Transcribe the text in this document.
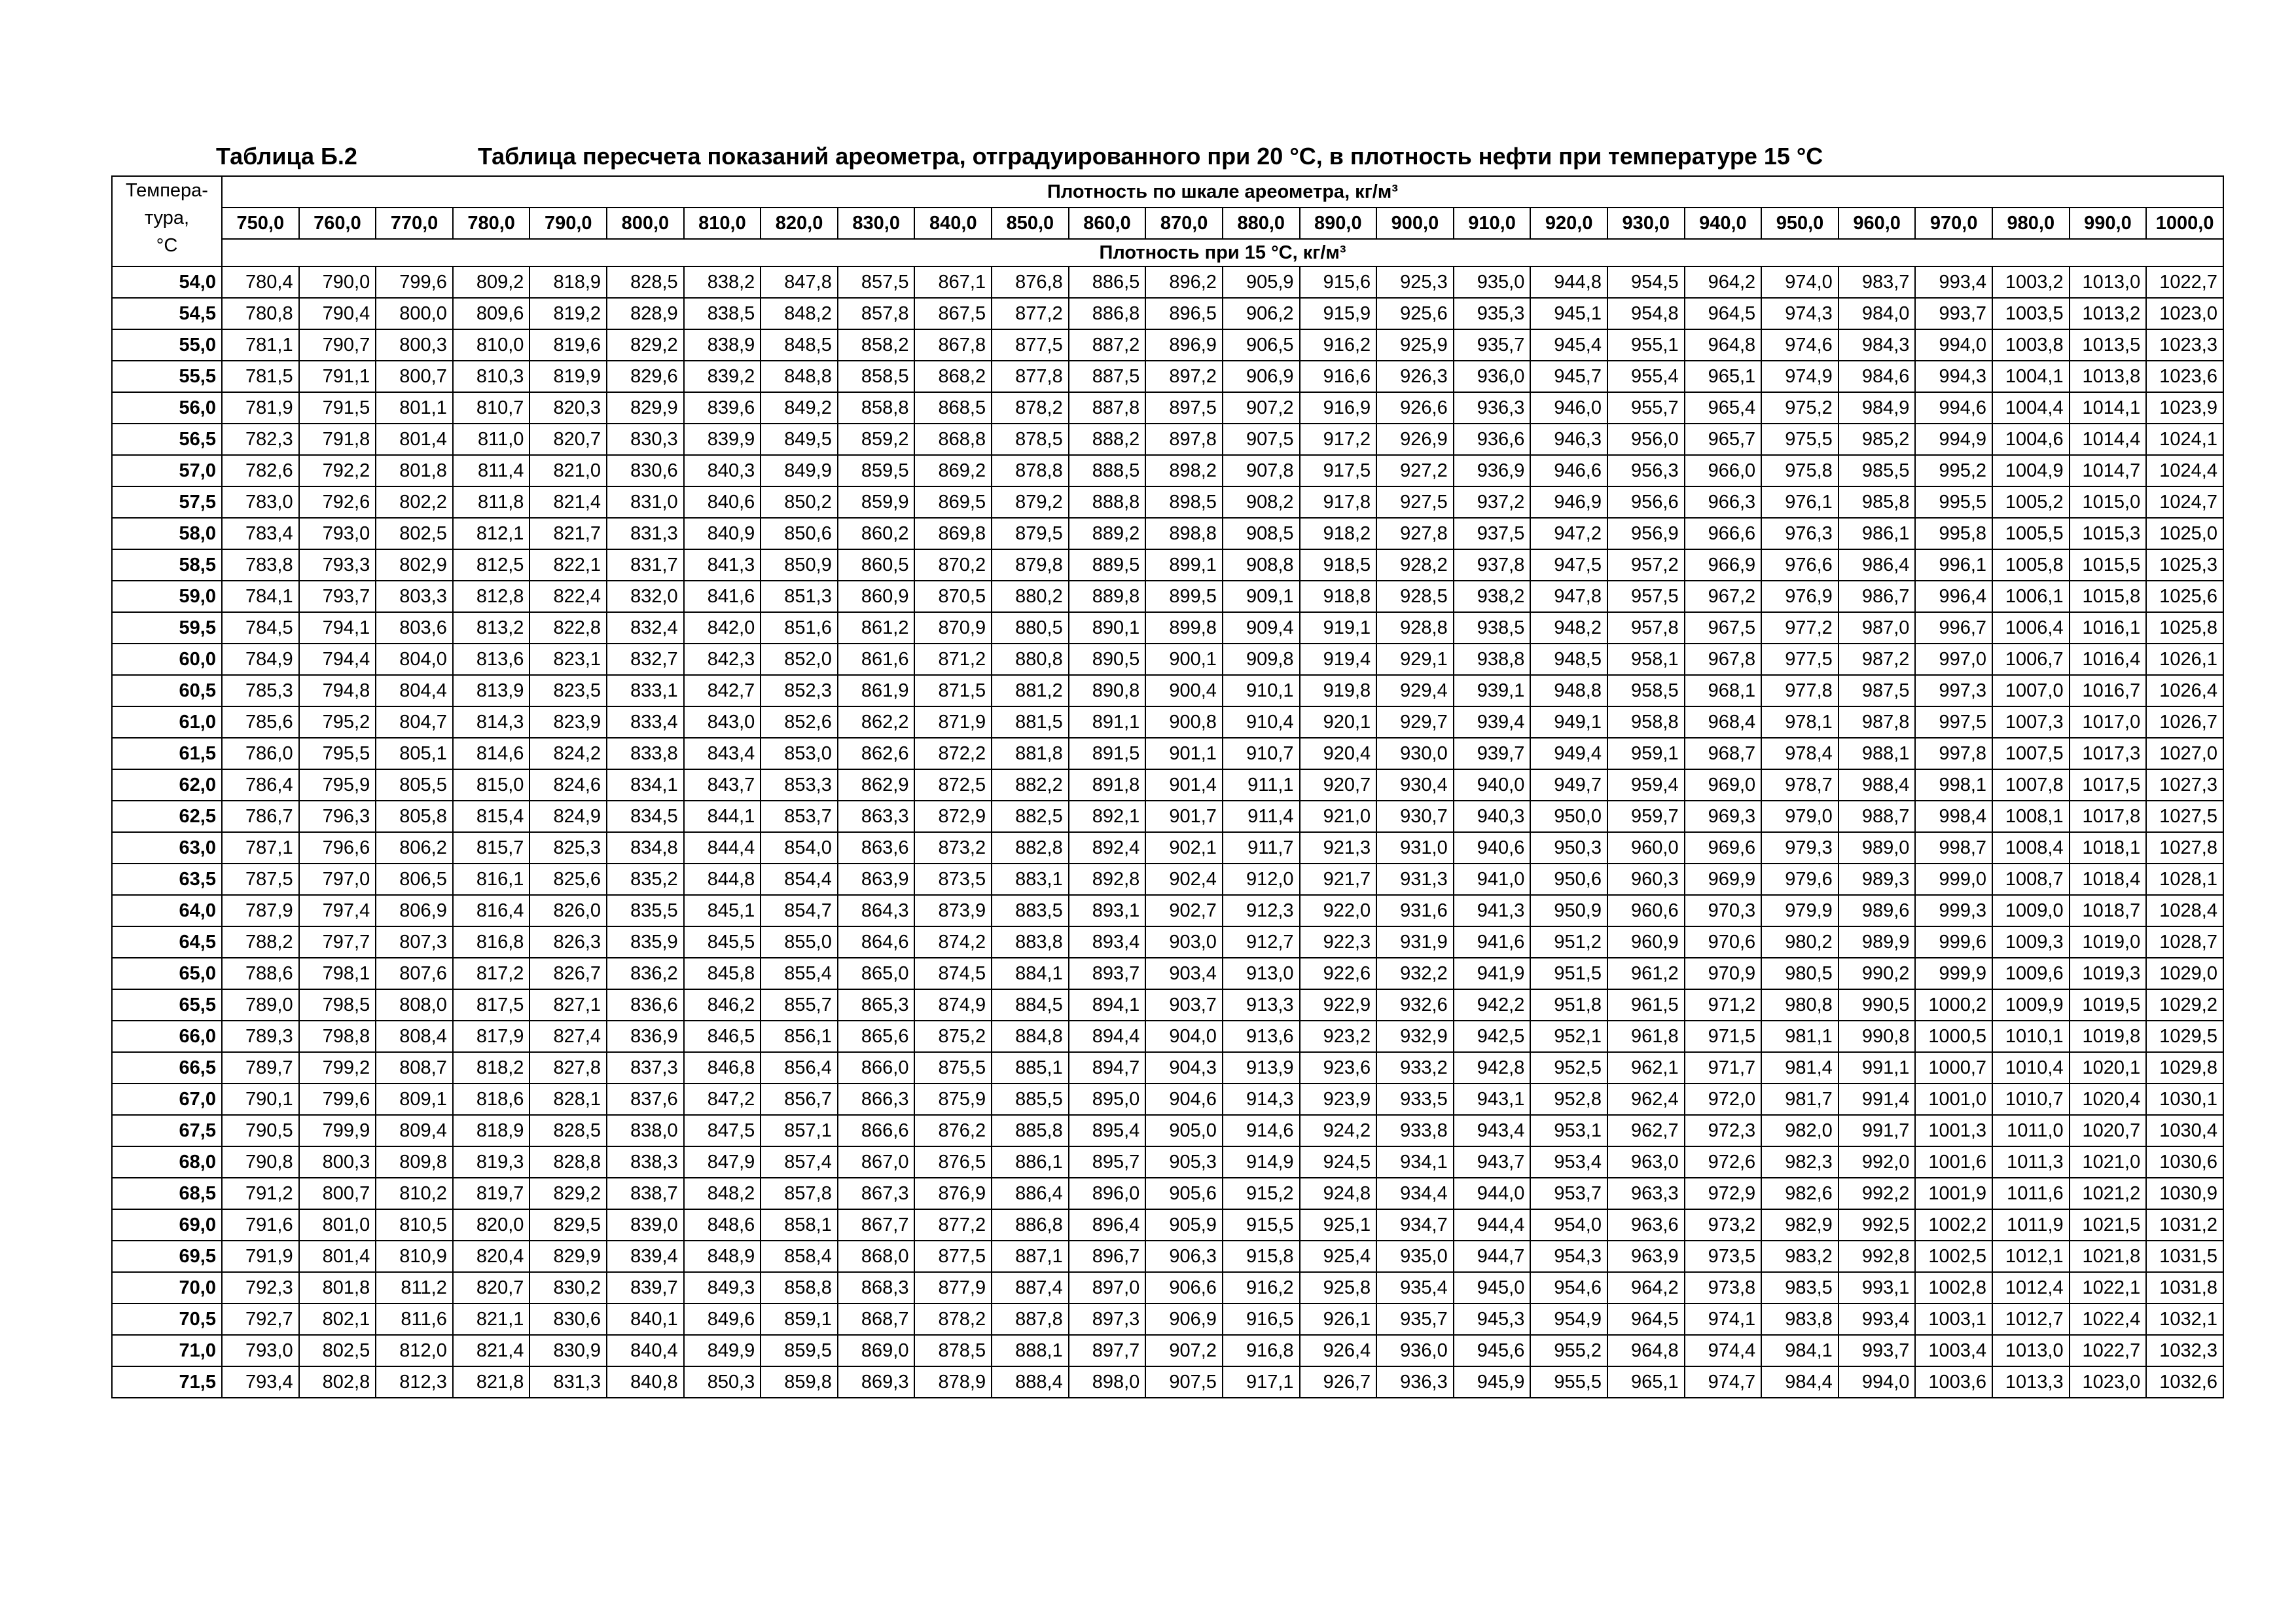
Таблица Б.2	Таблица пересчета показаний ареометра, отградуированного при 20 °С, в плотность нефти при температуре 15 °С
Темпера-
тура,
°С	Плотность по шкале ареометра, кг/м³																									
	750,0	760,0	770,0	780,0	790,0	800,0	810,0	820,0	830,0	840,0	850,0	860,0	870,0	880,0	890,0	900,0	910,0	920,0	930,0	940,0	950,0	960,0	970,0	980,0	990,0	1000,0
	Плотность при 15 °С, кг/м³																									
54,0	780,4	790,0	799,6	809,2	818,9	828,5	838,2	847,8	857,5	867,1	876,8	886,5	896,2	905,9	915,6	925,3	935,0	944,8	954,5	964,2	974,0	983,7	993,4	1003,2	1013,0	1022,7
54,5	780,8	790,4	800,0	809,6	819,2	828,9	838,5	848,2	857,8	867,5	877,2	886,8	896,5	906,2	915,9	925,6	935,3	945,1	954,8	964,5	974,3	984,0	993,7	1003,5	1013,2	1023,0
55,0	781,1	790,7	800,3	810,0	819,6	829,2	838,9	848,5	858,2	867,8	877,5	887,2	896,9	906,5	916,2	925,9	935,7	945,4	955,1	964,8	974,6	984,3	994,0	1003,8	1013,5	1023,3
55,5	781,5	791,1	800,7	810,3	819,9	829,6	839,2	848,8	858,5	868,2	877,8	887,5	897,2	906,9	916,6	926,3	936,0	945,7	955,4	965,1	974,9	984,6	994,3	1004,1	1013,8	1023,6
56,0	781,9	791,5	801,1	810,7	820,3	829,9	839,6	849,2	858,8	868,5	878,2	887,8	897,5	907,2	916,9	926,6	936,3	946,0	955,7	965,4	975,2	984,9	994,6	1004,4	1014,1	1023,9
56,5	782,3	791,8	801,4	811,0	820,7	830,3	839,9	849,5	859,2	868,8	878,5	888,2	897,8	907,5	917,2	926,9	936,6	946,3	956,0	965,7	975,5	985,2	994,9	1004,6	1014,4	1024,1
57,0	782,6	792,2	801,8	811,4	821,0	830,6	840,3	849,9	859,5	869,2	878,8	888,5	898,2	907,8	917,5	927,2	936,9	946,6	956,3	966,0	975,8	985,5	995,2	1004,9	1014,7	1024,4
57,5	783,0	792,6	802,2	811,8	821,4	831,0	840,6	850,2	859,9	869,5	879,2	888,8	898,5	908,2	917,8	927,5	937,2	946,9	956,6	966,3	976,1	985,8	995,5	1005,2	1015,0	1024,7
58,0	783,4	793,0	802,5	812,1	821,7	831,3	840,9	850,6	860,2	869,8	879,5	889,2	898,8	908,5	918,2	927,8	937,5	947,2	956,9	966,6	976,3	986,1	995,8	1005,5	1015,3	1025,0
58,5	783,8	793,3	802,9	812,5	822,1	831,7	841,3	850,9	860,5	870,2	879,8	889,5	899,1	908,8	918,5	928,2	937,8	947,5	957,2	966,9	976,6	986,4	996,1	1005,8	1015,5	1025,3
59,0	784,1	793,7	803,3	812,8	822,4	832,0	841,6	851,3	860,9	870,5	880,2	889,8	899,5	909,1	918,8	928,5	938,2	947,8	957,5	967,2	976,9	986,7	996,4	1006,1	1015,8	1025,6
59,5	784,5	794,1	803,6	813,2	822,8	832,4	842,0	851,6	861,2	870,9	880,5	890,1	899,8	909,4	919,1	928,8	938,5	948,2	957,8	967,5	977,2	987,0	996,7	1006,4	1016,1	1025,8
60,0	784,9	794,4	804,0	813,6	823,1	832,7	842,3	852,0	861,6	871,2	880,8	890,5	900,1	909,8	919,4	929,1	938,8	948,5	958,1	967,8	977,5	987,2	997,0	1006,7	1016,4	1026,1
60,5	785,3	794,8	804,4	813,9	823,5	833,1	842,7	852,3	861,9	871,5	881,2	890,8	900,4	910,1	919,8	929,4	939,1	948,8	958,5	968,1	977,8	987,5	997,3	1007,0	1016,7	1026,4
61,0	785,6	795,2	804,7	814,3	823,9	833,4	843,0	852,6	862,2	871,9	881,5	891,1	900,8	910,4	920,1	929,7	939,4	949,1	958,8	968,4	978,1	987,8	997,5	1007,3	1017,0	1026,7
61,5	786,0	795,5	805,1	814,6	824,2	833,8	843,4	853,0	862,6	872,2	881,8	891,5	901,1	910,7	920,4	930,0	939,7	949,4	959,1	968,7	978,4	988,1	997,8	1007,5	1017,3	1027,0
62,0	786,4	795,9	805,5	815,0	824,6	834,1	843,7	853,3	862,9	872,5	882,2	891,8	901,4	911,1	920,7	930,4	940,0	949,7	959,4	969,0	978,7	988,4	998,1	1007,8	1017,5	1027,3
62,5	786,7	796,3	805,8	815,4	824,9	834,5	844,1	853,7	863,3	872,9	882,5	892,1	901,7	911,4	921,0	930,7	940,3	950,0	959,7	969,3	979,0	988,7	998,4	1008,1	1017,8	1027,5
63,0	787,1	796,6	806,2	815,7	825,3	834,8	844,4	854,0	863,6	873,2	882,8	892,4	902,1	911,7	921,3	931,0	940,6	950,3	960,0	969,6	979,3	989,0	998,7	1008,4	1018,1	1027,8
63,5	787,5	797,0	806,5	816,1	825,6	835,2	844,8	854,4	863,9	873,5	883,1	892,8	902,4	912,0	921,7	931,3	941,0	950,6	960,3	969,9	979,6	989,3	999,0	1008,7	1018,4	1028,1
64,0	787,9	797,4	806,9	816,4	826,0	835,5	845,1	854,7	864,3	873,9	883,5	893,1	902,7	912,3	922,0	931,6	941,3	950,9	960,6	970,3	979,9	989,6	999,3	1009,0	1018,7	1028,4
64,5	788,2	797,7	807,3	816,8	826,3	835,9	845,5	855,0	864,6	874,2	883,8	893,4	903,0	912,7	922,3	931,9	941,6	951,2	960,9	970,6	980,2	989,9	999,6	1009,3	1019,0	1028,7
65,0	788,6	798,1	807,6	817,2	826,7	836,2	845,8	855,4	865,0	874,5	884,1	893,7	903,4	913,0	922,6	932,2	941,9	951,5	961,2	970,9	980,5	990,2	999,9	1009,6	1019,3	1029,0
65,5	789,0	798,5	808,0	817,5	827,1	836,6	846,2	855,7	865,3	874,9	884,5	894,1	903,7	913,3	922,9	932,6	942,2	951,8	961,5	971,2	980,8	990,5	1000,2	1009,9	1019,5	1029,2
66,0	789,3	798,8	808,4	817,9	827,4	836,9	846,5	856,1	865,6	875,2	884,8	894,4	904,0	913,6	923,2	932,9	942,5	952,1	961,8	971,5	981,1	990,8	1000,5	1010,1	1019,8	1029,5
66,5	789,7	799,2	808,7	818,2	827,8	837,3	846,8	856,4	866,0	875,5	885,1	894,7	904,3	913,9	923,6	933,2	942,8	952,5	962,1	971,7	981,4	991,1	1000,7	1010,4	1020,1	1029,8
67,0	790,1	799,6	809,1	818,6	828,1	837,6	847,2	856,7	866,3	875,9	885,5	895,0	904,6	914,3	923,9	933,5	943,1	952,8	962,4	972,0	981,7	991,4	1001,0	1010,7	1020,4	1030,1
67,5	790,5	799,9	809,4	818,9	828,5	838,0	847,5	857,1	866,6	876,2	885,8	895,4	905,0	914,6	924,2	933,8	943,4	953,1	962,7	972,3	982,0	991,7	1001,3	1011,0	1020,7	1030,4
68,0	790,8	800,3	809,8	819,3	828,8	838,3	847,9	857,4	867,0	876,5	886,1	895,7	905,3	914,9	924,5	934,1	943,7	953,4	963,0	972,6	982,3	992,0	1001,6	1011,3	1021,0	1030,6
68,5	791,2	800,7	810,2	819,7	829,2	838,7	848,2	857,8	867,3	876,9	886,4	896,0	905,6	915,2	924,8	934,4	944,0	953,7	963,3	972,9	982,6	992,2	1001,9	1011,6	1021,2	1030,9
69,0	791,6	801,0	810,5	820,0	829,5	839,0	848,6	858,1	867,7	877,2	886,8	896,4	905,9	915,5	925,1	934,7	944,4	954,0	963,6	973,2	982,9	992,5	1002,2	1011,9	1021,5	1031,2
69,5	791,9	801,4	810,9	820,4	829,9	839,4	848,9	858,4	868,0	877,5	887,1	896,7	906,3	915,8	925,4	935,0	944,7	954,3	963,9	973,5	983,2	992,8	1002,5	1012,1	1021,8	1031,5
70,0	792,3	801,8	811,2	820,7	830,2	839,7	849,3	858,8	868,3	877,9	887,4	897,0	906,6	916,2	925,8	935,4	945,0	954,6	964,2	973,8	983,5	993,1	1002,8	1012,4	1022,1	1031,8
70,5	792,7	802,1	811,6	821,1	830,6	840,1	849,6	859,1	868,7	878,2	887,8	897,3	906,9	916,5	926,1	935,7	945,3	954,9	964,5	974,1	983,8	993,4	1003,1	1012,7	1022,4	1032,1
71,0	793,0	802,5	812,0	821,4	830,9	840,4	849,9	859,5	869,0	878,5	888,1	897,7	907,2	916,8	926,4	936,0	945,6	955,2	964,8	974,4	984,1	993,7	1003,4	1013,0	1022,7	1032,3
71,5	793,4	802,8	812,3	821,8	831,3	840,8	850,3	859,8	869,3	878,9	888,4	898,0	907,5	917,1	926,7	936,3	945,9	955,5	965,1	974,7	984,4	994,0	1003,6	1013,3	1023,0	1032,6
